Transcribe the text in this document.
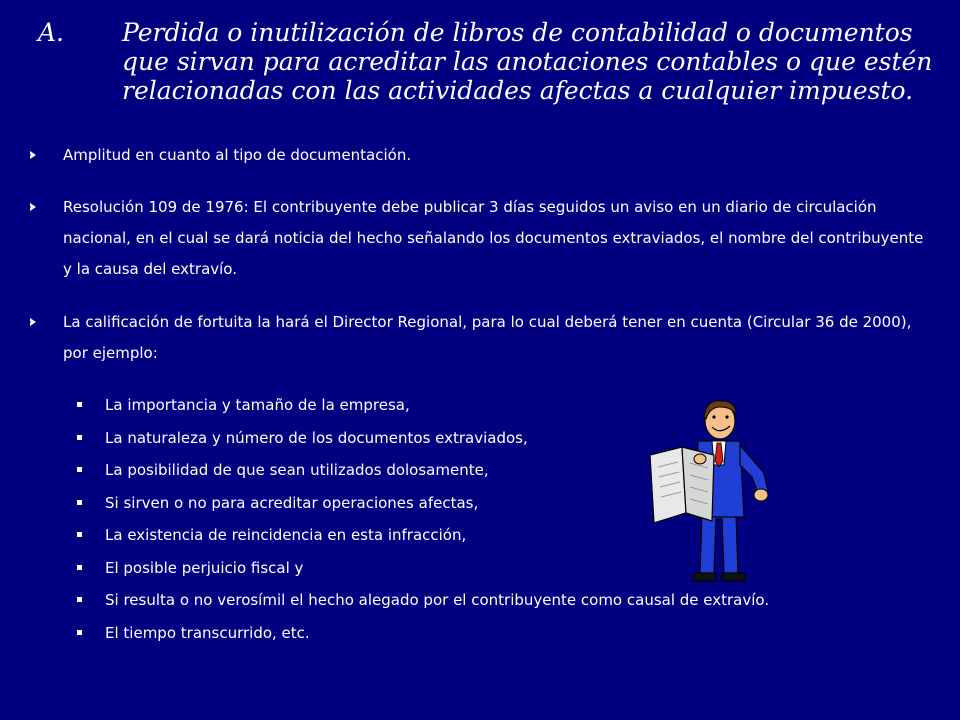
A.	Perdida o inutilización de libros de contabilidad o documentos que sirvan para acreditar las anotaciones contables o que estén relacionadas con las actividades afectas a cualquier impuesto.
Amplitud en cuanto al tipo de documentación.
Resolución 109 de 1976: El contribuyente debe publicar 3 días seguidos un aviso en un diario de circulación nacional, en el cual se dará noticia del hecho señalando los documentos extraviados, el nombre del contribuyente y la causa del extravío.
La calificación de fortuita la hará el Director Regional, para lo cual deberá tener en cuenta (Circular 36 de 2000), por ejemplo:
La importancia y tamaño de la empresa,
La naturaleza y número de los documentos extraviados,
La posibilidad de que sean utilizados dolosamente,
Si sirven o no para acreditar operaciones afectas,
La existencia de reincidencia en esta infracción,
El posible perjuicio fiscal y
Si resulta o no verosímil el hecho alegado por el contribuyente como causal de extravío.
El tiempo transcurrido, etc.
